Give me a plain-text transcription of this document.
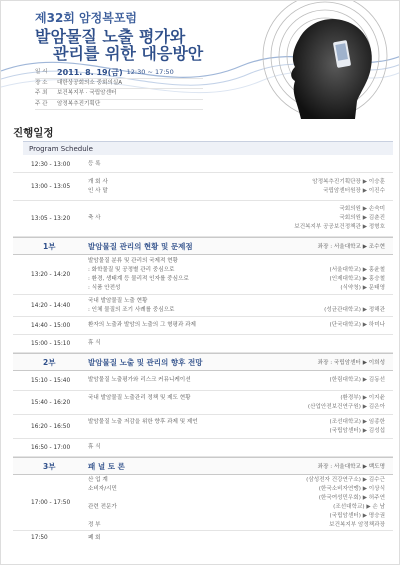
제32회 암정복포럼
발암물질 노출 평가와
관리를 위한 대응방안
일 시	2011. 8. 19(금) 12:30 ~ 17:50
장 소	대한상공회의소 중회의실A
주 최	보건복지부 · 국립암센터
주 관	암정복추진기획단
진행일정
Program Schedule
12:30 - 13:00	등 록
13:00 - 13:05
개 회 사	암정복추진기획단장 ▶ 이승훈
인 사 말	국립암센터원장 ▶ 이진수
13:05 - 13:20
국회의원 ▶ 손숙미
축 사	국회의원 ▶ 김춘진
보건복지부 공공보건정책관 ▶ 정형호
1부	발암물질 관리의 현황 및 문제점	좌장 : 서울대학교 ▶ 조수현
13:20 - 14:20
발암물질 분류 및 관리의 국제적 현황
: 화학물질 및 공정별 관리 중심으로	(서울대학교) ▶ 홍윤철
: 환경, 생태계 등 물리적 인자를 중심으로	(인제대학교) ▶ 홍승철
: 식품 안전성	(식약청) ▶ 문태영
14:20 - 14:40
국내 발암물질 노출 현황
: 인체 물질의 조기 사례를 중심으로	(성균관대학교) ▶ 정해관
14:40 - 15:00	환자의 노출과 발암의 노출의 그 형평과 과제	(단국대학교) ▶ 하미나
15:00 - 15:10	휴 식
2부	발암물질 노출 및 관리의 향후 전망	좌장 : 국립암센터 ▶ 이희성
15:10 - 15:40	발암물질 노출평가와 리스크 커뮤니케이션	(한림대학교) ▶ 김동선
15:40 - 16:20
국내 발암물질 노출관리 정책 및 제도 현황	(환경부) ▶ 이지윤
(산업안전보건연구원) ▶ 김은아
16:20 - 16:50
발암물질 노출 저감을 위한 향후 과제 및 제언	(조선대학교) ▶ 임종한
(국립암센터) ▶ 김성섭
16:50 - 17:00	휴 식
3부	패 널 토 론	좌장 : 서울대학교 ▶ 백도명
17:00 - 17:50
산 업 계	(삼성전자 건강연구소) ▶ 김수근
소비자/시민	(한국소비자연맹) ▶ 이상식
(한국여성민우회) ▶ 허주연
관련 전문가	(조선대학교) ▶ 손 남
(국립암센터) ▶ 명승권
정 부	보건복지부 암정책과장
17:50	폐 회
